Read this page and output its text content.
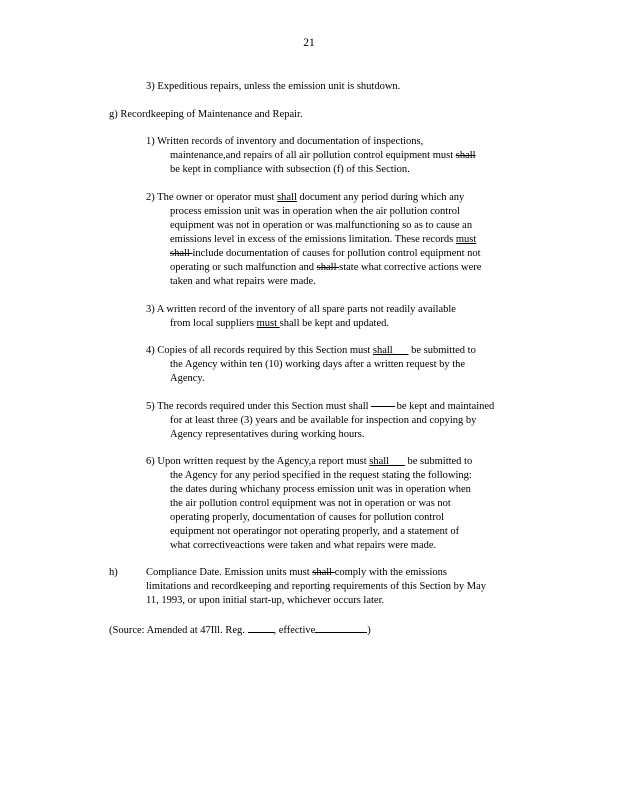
21
3) Expeditious repairs, unless the emission unit is shutdown.
g) Recordkeeping of Maintenance and Repair.
1) Written records of inventory and documentation of inspections,
maintenance,and repairs of all air pollution control equipment must shall
be kept in compliance with subsection (f) of this Section.
2) The owner or operator must shall document any period during which any
process emission unit was in operation when the air pollution control
equipment was not in operation or was malfunctioning so as to cause an
emissions level in excess of the emissions limitation. These records must
shall include documentation of causes for pollution control equipment not
operating or such malfunction and shall state what corrective actions were
taken and what repairs were made.
3) A written record of the inventory of all spare parts not readily available
from local suppliers must shall be kept and updated.
4) Copies of all records required by this Section must shall       be submitted to
the Agency within ten (10) working days after a written request by the
Agency.
5) The records required under this Section must shall	be kept and maintained
for at least three (3) years and be available for inspection and copying by
Agency representatives during working hours.
6) Upon written request by the Agency,a report must shall       be submitted to
the Agency for any period specified in the request stating the following:
the dates during whichany process emission unit was in operation when
the air pollution control equipment was not in operation or was not
operating properly, documentation of causes for pollution control
equipment not operatingor not operating properly, and a statement of
what correctiveactions were taken and what repairs were made.
h)	Compliance Date. Emission units must shall comply with the emissions
limitations and recordkeeping and reporting requirements of this Section by May
11, 1993, or upon initial start-up, whichever occurs later.
(Source: Amended at 47Ill. Reg. , effective	)
